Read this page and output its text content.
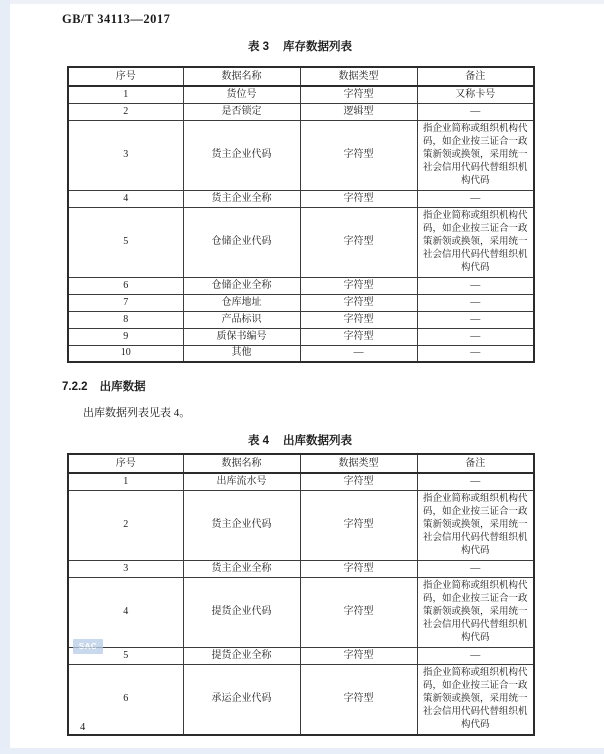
GB/T 34113—2017
表 3 库存数据列表
序号	数据名称	数据类型	备注
1	货位号	字符型	又称卡号
2	是否锁定	逻辑型	—
3	货主企业代码	字符型	指企业简称或组织机构代码，如企业按三证合一政策新领或换领，采用统一社会信用代码代替组织机构代码
4	货主企业全称	字符型	—
5	仓储企业代码	字符型	指企业简称或组织机构代码，如企业按三证合一政策新领或换领，采用统一社会信用代码代替组织机构代码
6	仓储企业全称	字符型	—
7	仓库地址	字符型	—
8	产品标识	字符型	—
9	质保书编号	字符型	—
10	其他	—	—
7.2.2 出库数据
出库数据列表见表 4。
表 4 出库数据列表
序号	数据名称	数据类型	备注
1	出库流水号	字符型	—
2	货主企业代码	字符型	指企业简称或组织机构代码，如企业按三证合一政策新领或换领，采用统一社会信用代码代替组织机构代码
3	货主企业全称	字符型	—
4	提货企业代码	字符型	指企业简称或组织机构代码，如企业按三证合一政策新领或换领，采用统一社会信用代码代替组织机构代码
5	提货企业全称	字符型	—
6	承运企业代码	字符型	指企业简称或组织机构代码，如企业按三证合一政策新领或换领，采用统一社会信用代码代替组织机构代码
SAC
4
